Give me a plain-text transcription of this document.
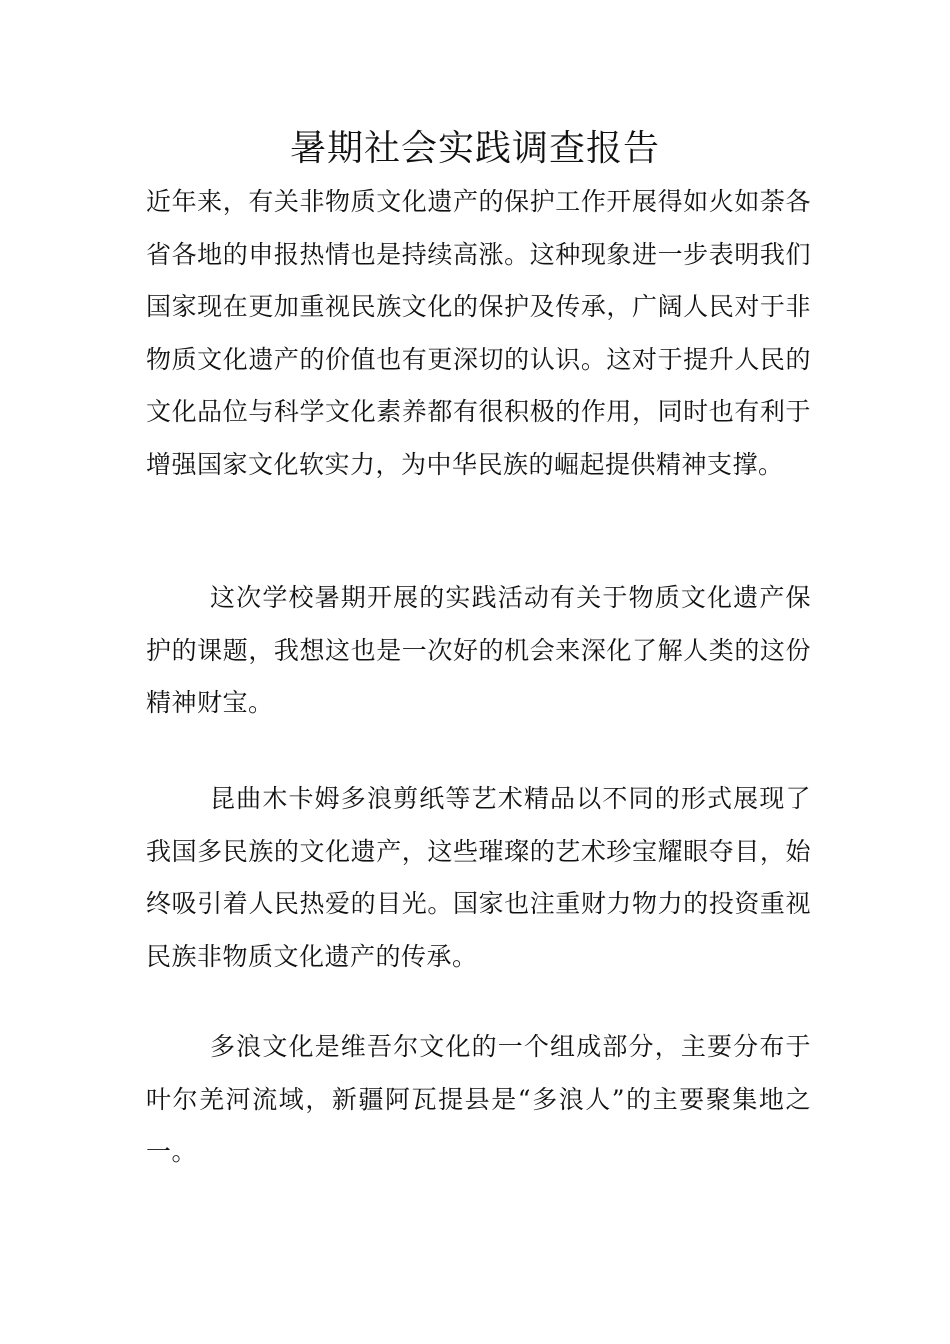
暑期社会实践调查报告

近年来，有关非物质文化遗产的保护工作开展得如火如荼各省各地的申报热情也是持续高涨。这种现象进一步表明我们国家现在更加重视民族文化的保护及传承，广阔人民对于非物质文化遗产的价值也有更深切的认识。这对于提升人民的文化品位与科学文化素养都有很积极的作用，同时也有利于增强国家文化软实力，为中华民族的崛起提供精神支撑。

这次学校暑期开展的实践活动有关于物质文化遗产保护的课题，我想这也是一次好的机会来深化了解人类的这份精神财宝。

昆曲木卡姆多浪剪纸等艺术精品以不同的形式展现了我国多民族的文化遗产，这些璀璨的艺术珍宝耀眼夺目，始终吸引着人民热爱的目光。国家也注重财力物力的投资重视民族非物质文化遗产的传承。

多浪文化是维吾尔文化的一个组成部分，主要分布于叶尔羌河流域，新疆阿瓦提县是“多浪人”的主要聚集地之一。
